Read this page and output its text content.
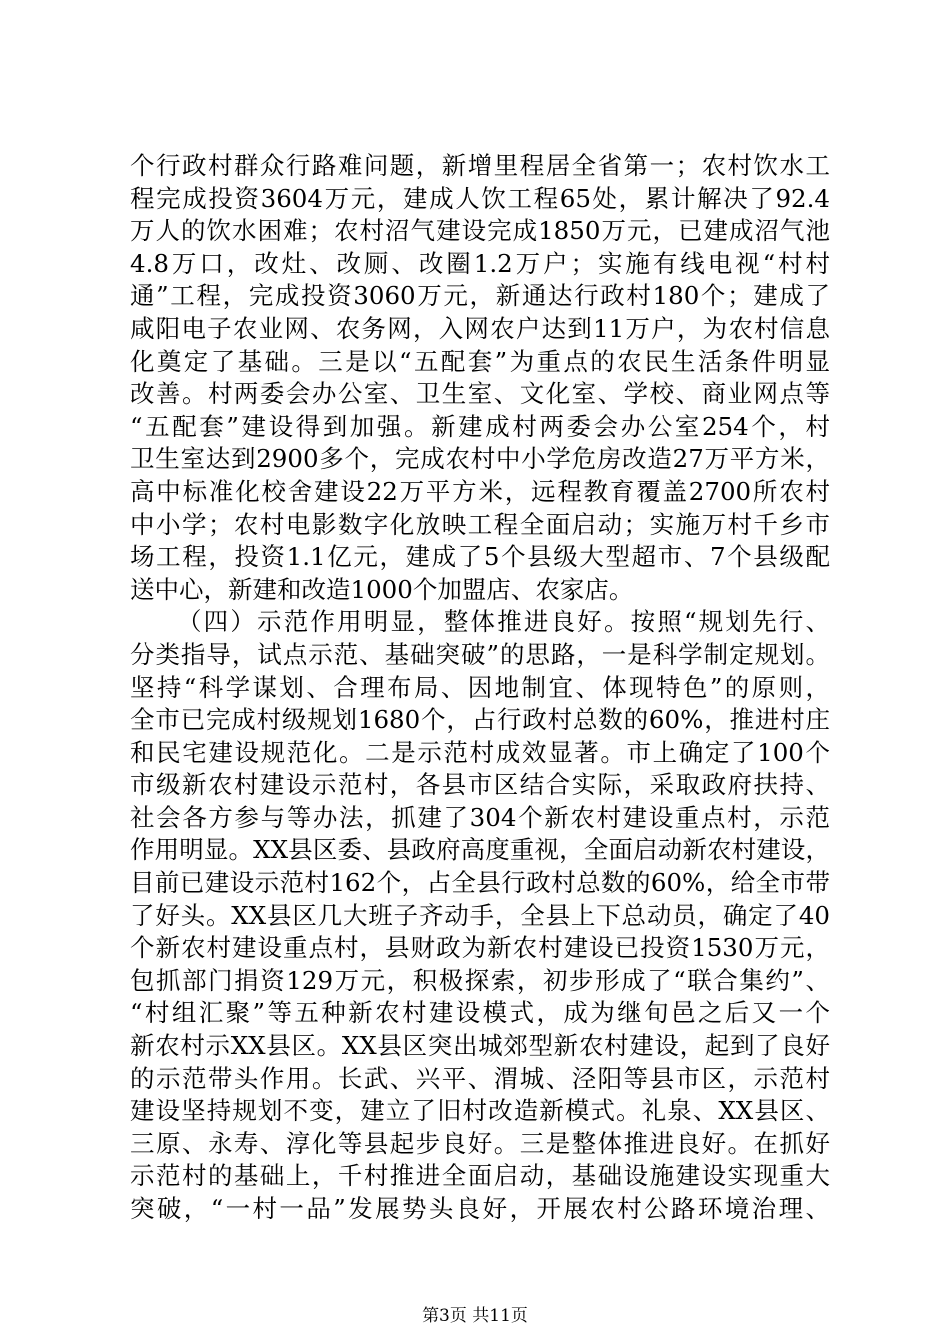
个行政村群众行路难问题，新增里程居全省第一；农村饮水工
程完成投资3604万元，建成人饮工程65处，累计解决了92.4
万人的饮水困难；农村沼气建设完成1850万元，已建成沼气池
4.8万口，改灶、改厕、改圈1.2万户；实施有线电视“村村
通”工程，完成投资3060万元，新通达行政村180个；建成了
咸阳电子农业网、农务网，入网农户达到11万户，为农村信息
化奠定了基础。三是以“五配套”为重点的农民生活条件明显
改善。村两委会办公室、卫生室、文化室、学校、商业网点等
“五配套”建设得到加强。新建成村两委会办公室254个，村
卫生室达到2900多个，完成农村中小学危房改造27万平方米，
高中标准化校舍建设22万平方米，远程教育覆盖2700所农村
中小学；农村电影数字化放映工程全面启动；实施万村千乡市
场工程，投资1.1亿元，建成了5个县级大型超市、7个县级配
送中心，新建和改造1000个加盟店、农家店。
（四）示范作用明显，整体推进良好。按照“规划先行、
分类指导，试点示范、基础突破”的思路，一是科学制定规划。
坚持“科学谋划、合理布局、因地制宜、体现特色”的原则，
全市已完成村级规划1680个，占行政村总数的60%，推进村庄
和民宅建设规范化。二是示范村成效显著。市上确定了100个
市级新农村建设示范村，各县市区结合实际，采取政府扶持、
社会各方参与等办法，抓建了304个新农村建设重点村，示范
作用明显。XX县区委、县政府高度重视，全面启动新农村建设，
目前已建设示范村162个，占全县行政村总数的60%，给全市带
了好头。XX县区几大班子齐动手，全县上下总动员，确定了40
个新农村建设重点村，县财政为新农村建设已投资1530万元，
包抓部门捐资129万元，积极探索，初步形成了“联合集约”、
“村组汇聚”等五种新农村建设模式，成为继旬邑之后又一个
新农村示XX县区。XX县区突出城郊型新农村建设，起到了良好
的示范带头作用。长武、兴平、渭城、泾阳等县市区，示范村
建设坚持规划不变，建立了旧村改造新模式。礼泉、XX县区、
三原、永寿、淳化等县起步良好。三是整体推进良好。在抓好
示范村的基础上，千村推进全面启动，基础设施建设实现重大
突破，“一村一品”发展势头良好，开展农村公路环境治理、
第3页 共11页
